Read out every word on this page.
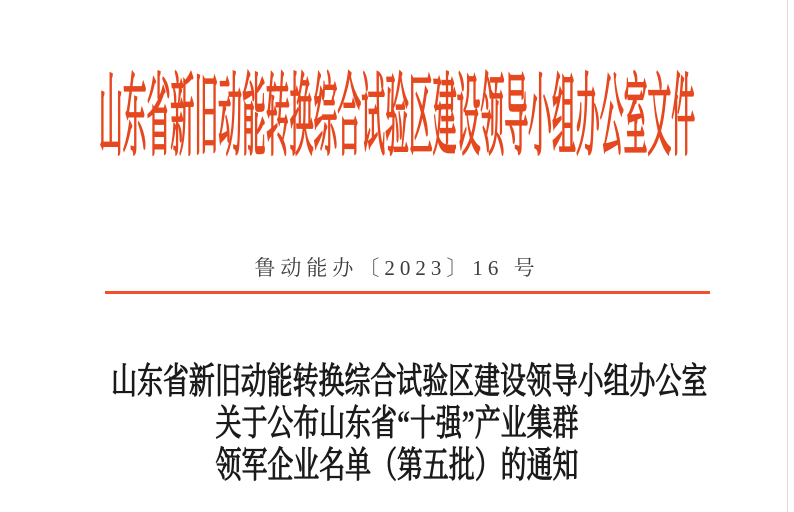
山东省新旧动能转换综合试验区建设领导小组办公室文件
鲁动能办〔2023〕16 号
山东省新旧动能转换综合试验区建设领导小组办公室
关于公布山东省“十强”产业集群
领军企业名单（第五批）的通知
